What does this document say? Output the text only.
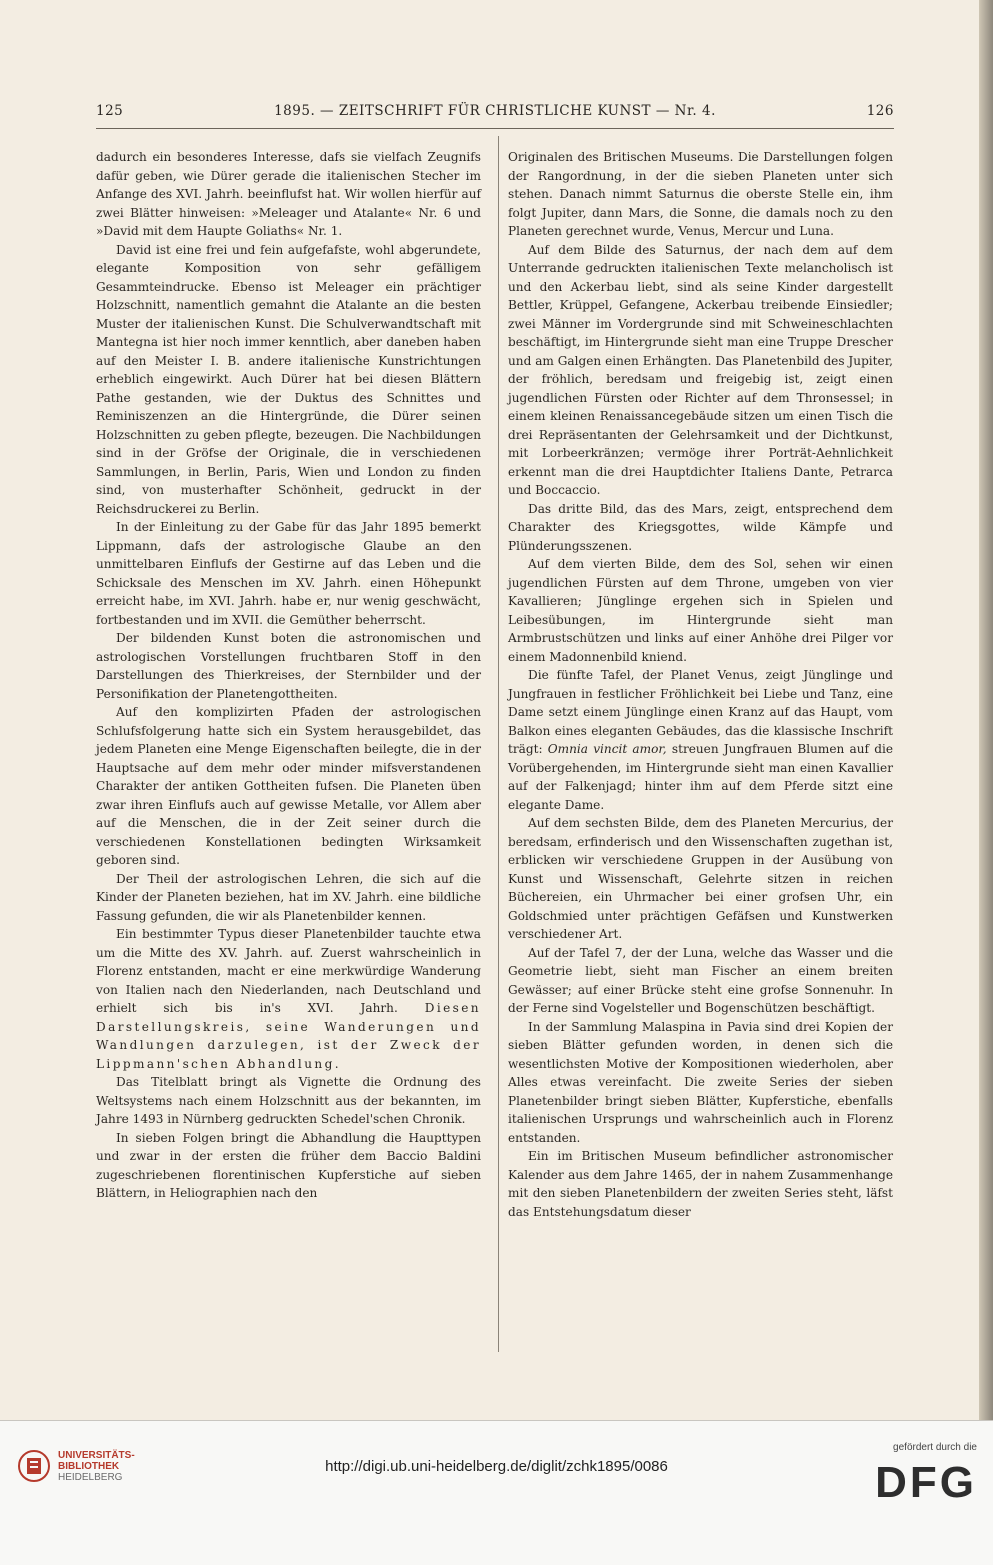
125	1895. — ZEITSCHRIFT FÜR CHRISTLICHE KUNST — Nr. 4.	126

dadurch ein besonderes Interesse, dafs sie vielfach Zeugnifs dafür geben, wie Dürer gerade die italienischen Stecher im Anfange des XVI. Jahrh. beeinflufst hat. Wir wollen hierfür auf zwei Blätter hinweisen: »Meleager und Atalante« Nr. 6 und »David mit dem Haupte Goliaths« Nr. 1.

David ist eine frei und fein aufgefafste, wohl abgerundete, elegante Komposition von sehr gefälligem Gesammteindrucke. Ebenso ist Meleager ein prächtiger Holzschnitt, namentlich gemahnt die Atalante an die besten Muster der italienischen Kunst. Die Schulverwandtschaft mit Mantegna ist hier noch immer kenntlich, aber daneben haben auf den Meister I. B. andere italienische Kunstrichtungen erheblich eingewirkt. Auch Dürer hat bei diesen Blättern Pathe gestanden, wie der Duktus des Schnittes und Reminiszenzen an die Hintergründe, die Dürer seinen Holzschnitten zu geben pflegte, bezeugen. Die Nachbildungen sind in der Gröfse der Originale, die in verschiedenen Sammlungen, in Berlin, Paris, Wien und London zu finden sind, von musterhafter Schönheit, gedruckt in der Reichsdruckerei zu Berlin.

In der Einleitung zu der Gabe für das Jahr 1895 bemerkt Lippmann, dafs der astrologische Glaube an den unmittelbaren Einflufs der Gestirne auf das Leben und die Schicksale des Menschen im XV. Jahrh. einen Höhepunkt erreicht habe, im XVI. Jahrh. habe er, nur wenig geschwächt, fortbestanden und im XVII. die Gemüther beherrscht.

Der bildenden Kunst boten die astronomischen und astrologischen Vorstellungen fruchtbaren Stoff in den Darstellungen des Thierkreises, der Sternbilder und der Personifikation der Planetengottheiten.

Auf den komplizirten Pfaden der astrologischen Schlufsfolgerung hatte sich ein System herausgebildet, das jedem Planeten eine Menge Eigenschaften beilegte, die in der Hauptsache auf dem mehr oder minder mifsverstandenen Charakter der antiken Gottheiten fufsen. Die Planeten üben zwar ihren Einflufs auch auf gewisse Metalle, vor Allem aber auf die Menschen, die in der Zeit seiner durch die verschiedenen Konstellationen bedingten Wirksamkeit geboren sind.

Der Theil der astrologischen Lehren, die sich auf die Kinder der Planeten beziehen, hat im XV. Jahrh. eine bildliche Fassung gefunden, die wir als Planetenbilder kennen.

Ein bestimmter Typus dieser Planetenbilder tauchte etwa um die Mitte des XV. Jahrh. auf. Zuerst wahrscheinlich in Florenz entstanden, macht er eine merkwürdige Wanderung von Italien nach den Niederlanden, nach Deutschland und erhielt sich bis in's XVI. Jahrh. Diesen Darstellungskreis, seine Wanderungen und Wandlungen darzulegen, ist der Zweck der Lippmann'schen Abhandlung.

Das Titelblatt bringt als Vignette die Ordnung des Weltsystems nach einem Holzschnitt aus der bekannten, im Jahre 1493 in Nürnberg gedruckten Schedel'schen Chronik.

In sieben Folgen bringt die Abhandlung die Haupttypen und zwar in der ersten die früher dem Baccio Baldini zugeschriebenen florentinischen Kupferstiche auf sieben Blättern, in Heliographien nach den

Originalen des Britischen Museums. Die Darstellungen folgen der Rangordnung, in der die sieben Planeten unter sich stehen. Danach nimmt Saturnus die oberste Stelle ein, ihm folgt Jupiter, dann Mars, die Sonne, die damals noch zu den Planeten gerechnet wurde, Venus, Mercur und Luna.

Auf dem Bilde des Saturnus, der nach dem auf dem Unterrande gedruckten italienischen Texte melancholisch ist und den Ackerbau liebt, sind als seine Kinder dargestellt Bettler, Krüppel, Gefangene, Ackerbau treibende Einsiedler; zwei Männer im Vordergrunde sind mit Schweineschlachten beschäftigt, im Hintergrunde sieht man eine Truppe Drescher und am Galgen einen Erhängten. Das Planetenbild des Jupiter, der fröhlich, beredsam und freigebig ist, zeigt einen jugendlichen Fürsten oder Richter auf dem Thronsessel; in einem kleinen Renaissancegebäude sitzen um einen Tisch die drei Repräsentanten der Gelehrsamkeit und der Dichtkunst, mit Lorbeerkränzen; vermöge ihrer Porträt-Aehnlichkeit erkennt man die drei Hauptdichter Italiens Dante, Petrarca und Boccaccio.

Das dritte Bild, das des Mars, zeigt, entsprechend dem Charakter des Kriegsgottes, wilde Kämpfe und Plünderungsszenen.

Auf dem vierten Bilde, dem des Sol, sehen wir einen jugendlichen Fürsten auf dem Throne, umgeben von vier Kavallieren; Jünglinge ergehen sich in Spielen und Leibesübungen, im Hintergrunde sieht man Armbrustschützen und links auf einer Anhöhe drei Pilger vor einem Madonnenbild kniend.

Die fünfte Tafel, der Planet Venus, zeigt Jünglinge und Jungfrauen in festlicher Fröhlichkeit bei Liebe und Tanz, eine Dame setzt einem Jünglinge einen Kranz auf das Haupt, vom Balkon eines eleganten Gebäudes, das die klassische Inschrift trägt: Omnia vincit amor, streuen Jungfrauen Blumen auf die Vorübergehenden, im Hintergrunde sieht man einen Kavallier auf der Falkenjagd; hinter ihm auf dem Pferde sitzt eine elegante Dame.

Auf dem sechsten Bilde, dem des Planeten Mercurius, der beredsam, erfinderisch und den Wissenschaften zugethan ist, erblicken wir verschiedene Gruppen in der Ausübung von Kunst und Wissenschaft, Gelehrte sitzen in reichen Büchereien, ein Uhrmacher bei einer grofsen Uhr, ein Goldschmied unter prächtigen Gefäfsen und Kunstwerken verschiedener Art.

Auf der Tafel 7, der der Luna, welche das Wasser und die Geometrie liebt, sieht man Fischer an einem breiten Gewässer; auf einer Brücke steht eine grofse Sonnenuhr. In der Ferne sind Vogelsteller und Bogenschützen beschäftigt.

In der Sammlung Malaspina in Pavia sind drei Kopien der sieben Blätter gefunden worden, in denen sich die wesentlichsten Motive der Kompositionen wiederholen, aber Alles etwas vereinfacht. Die zweite Series der sieben Planetenbilder bringt sieben Blätter, Kupferstiche, ebenfalls italienischen Ursprungs und wahrscheinlich auch in Florenz entstanden.

Ein im Britischen Museum befindlicher astronomischer Kalender aus dem Jahre 1465, der in nahem Zusammenhange mit den sieben Planetenbildern der zweiten Series steht, läfst das Entstehungsdatum dieser

UNIVERSITÄTS-
BIBLIOTHEK
HEIDELBERG
http://digi.ub.uni-heidelberg.de/diglit/zchk1895/0086
gefördert durch die
DFG
